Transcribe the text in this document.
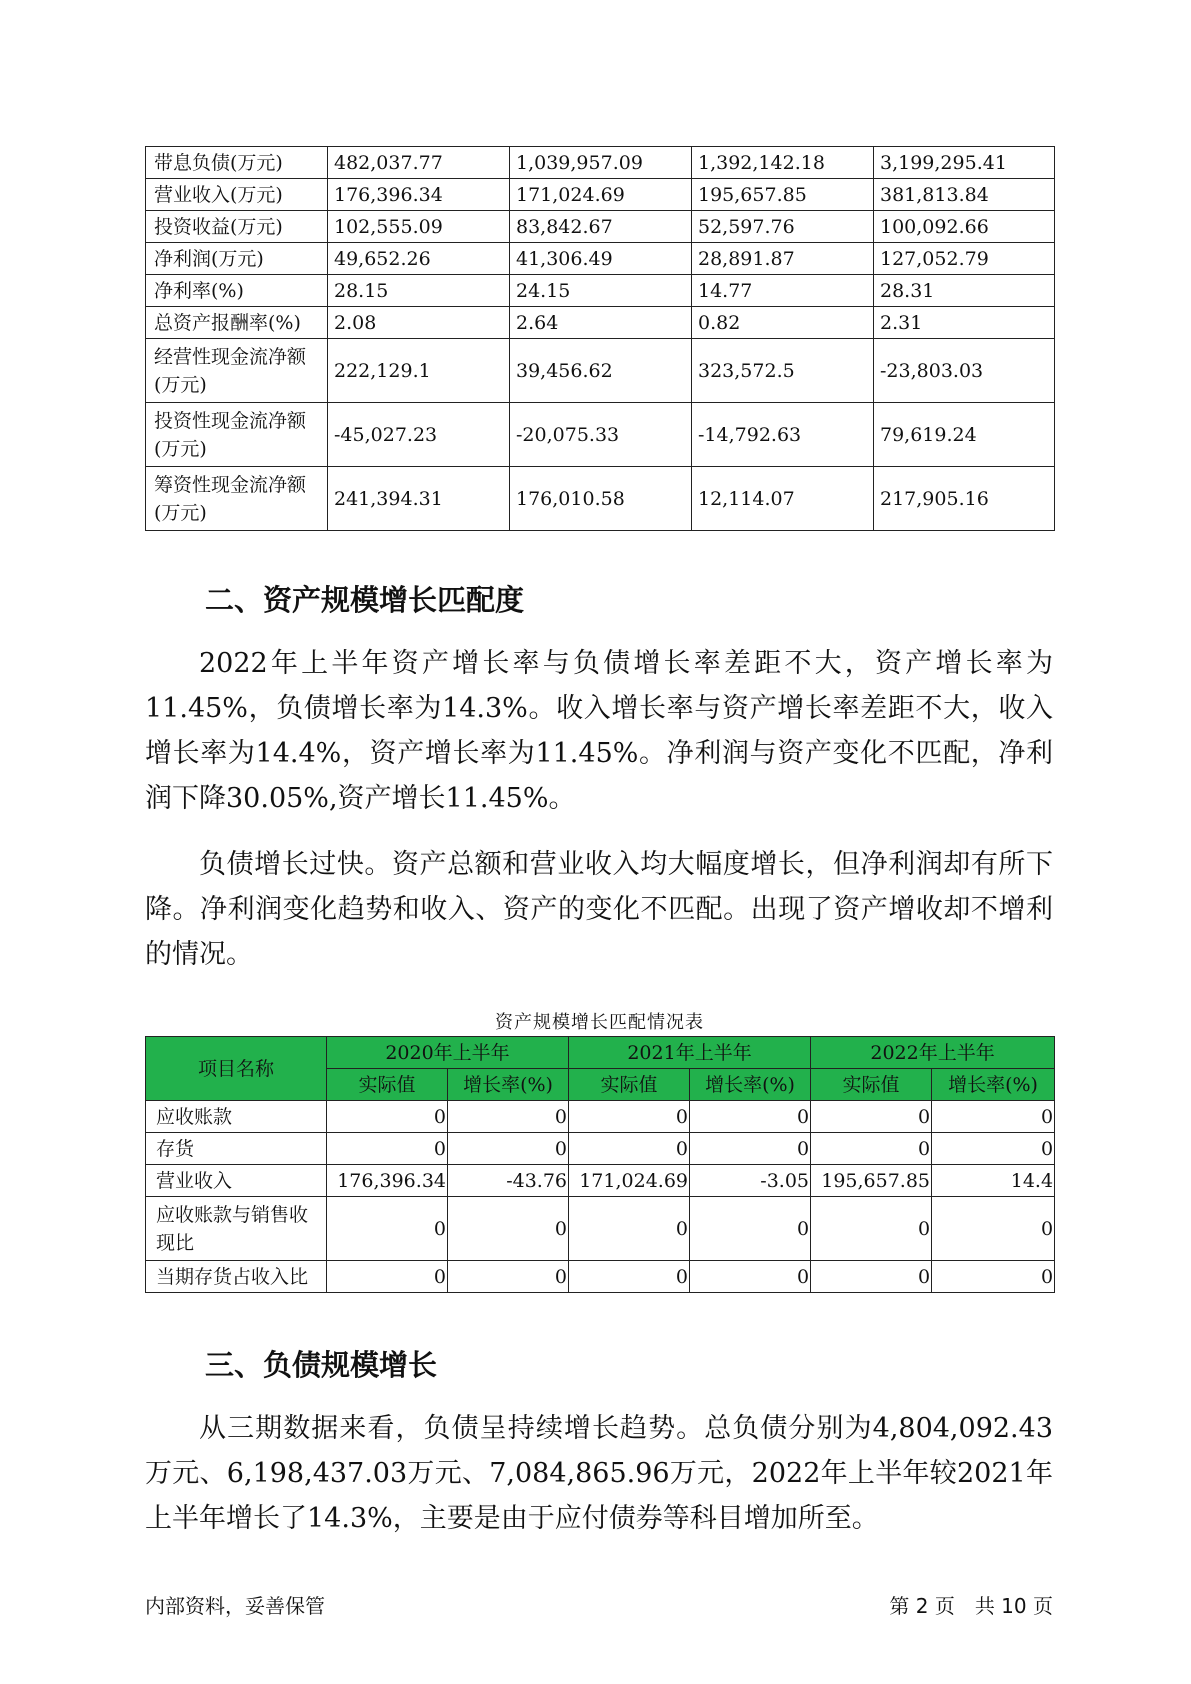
带息负债(万元)	482,037.77	1,039,957.09	1,392,142.18	3,199,295.41
营业收入(万元)	176,396.34	171,024.69	195,657.85	381,813.84
投资收益(万元)	102,555.09	83,842.67	52,597.76	100,092.66
净利润(万元)	49,652.26	41,306.49	28,891.87	127,052.79
净利率(%)	28.15	24.15	14.77	28.31
总资产报酬率(%)	2.08	2.64	0.82	2.31
经营性现金流净额(万元)	222,129.1	39,456.62	323,572.5	-23,803.03
投资性现金流净额(万元)	-45,027.23	-20,075.33	-14,792.63	79,619.24
筹资性现金流净额(万元)	241,394.31	176,010.58	12,114.07	217,905.16
二、资产规模增长匹配度

2022年上半年资产增长率与负债增长率差距不大，资产增长率为11.45%，负债增长率为14.3%。收入增长率与资产增长率差距不大，收入增长率为14.4%，资产增长率为11.45%。净利润与资产变化不匹配，净利润下降30.05%,资产增长11.45%。

负债增长过快。资产总额和营业收入均大幅度增长，但净利润却有所下降。净利润变化趋势和收入、资产的变化不匹配。出现了资产增收却不增利的情况。

资产规模增长匹配情况表

项目名称	2020年上半年		2021年上半年		2022年上半年	
	实际值	增长率(%)	实际值	增长率(%)	实际值	增长率(%)
应收账款	0	0	0	0	0	0
存货	0	0	0	0	0	0
营业收入	176,396.34	-43.76	171,024.69	-3.05	195,657.85	14.4
应收账款与销售收现比	0	0	0	0	0	0
当期存货占收入比	0	0	0	0	0	0
三、负债规模增长

从三期数据来看，负债呈持续增长趋势。总负债分别为4,804,092.43万元、6,198,437.03万元、7,084,865.96万元，2022年上半年较2021年上半年增长了14.3%，主要是由于应付债券等科目增加所至。

内部资料，妥善保管	第 2 页　共 10 页
